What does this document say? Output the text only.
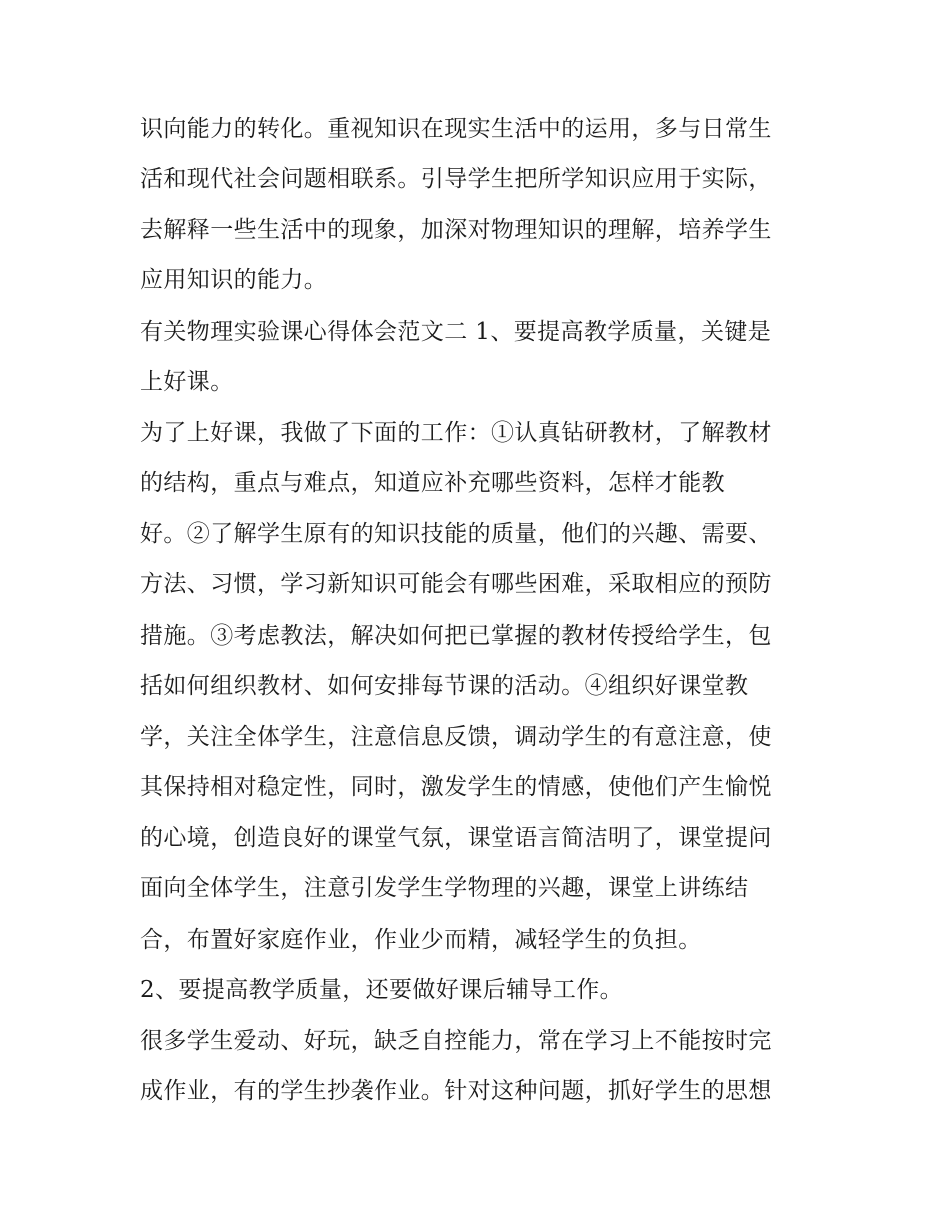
识向能力的转化。重视知识在现实生活中的运用，多与日常生
活和现代社会问题相联系。引导学生把所学知识应用于实际，
去解释一些生活中的现象，加深对物理知识的理解，培养学生
应用知识的能力。
有关物理实验课心得体会范文二 1、要提高教学质量，关键是
上好课。
为了上好课，我做了下面的工作：①认真钻研教材，了解教材
的结构，重点与难点，知道应补充哪些资料，怎样才能教
好。②了解学生原有的知识技能的质量，他们的兴趣、需要、
方法、习惯，学习新知识可能会有哪些困难，采取相应的预防
措施。③考虑教法，解决如何把已掌握的教材传授给学生，包
括如何组织教材、如何安排每节课的活动。④组织好课堂教
学，关注全体学生，注意信息反馈，调动学生的有意注意，使
其保持相对稳定性，同时，激发学生的情感，使他们产生愉悦
的心境，创造良好的课堂气氛，课堂语言简洁明了，课堂提问
面向全体学生，注意引发学生学物理的兴趣，课堂上讲练结
合，布置好家庭作业，作业少而精，减轻学生的负担。
2、要提高教学质量，还要做好课后辅导工作。
很多学生爱动、好玩，缺乏自控能力，常在学习上不能按时完
成作业，有的学生抄袭作业。针对这种问题，抓好学生的思想
